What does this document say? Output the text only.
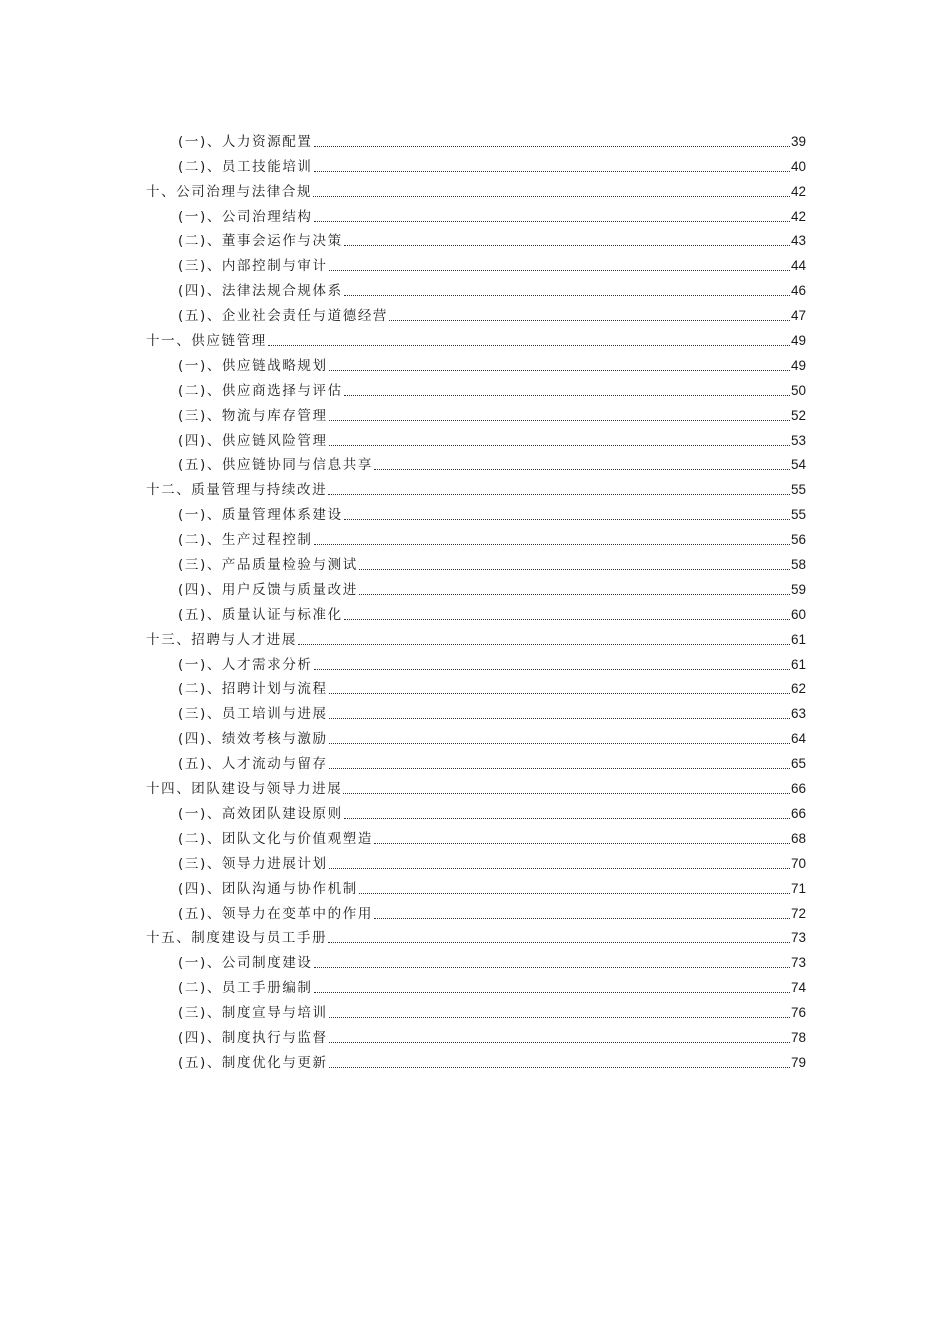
(一)、人力资源配置	39
(二)、员工技能培训	40
十、公司治理与法律合规	42
(一)、公司治理结构	42
(二)、董事会运作与决策	43
(三)、内部控制与审计	44
(四)、法律法规合规体系	46
(五)、企业社会责任与道德经营	47
十一、供应链管理	49
(一)、供应链战略规划	49
(二)、供应商选择与评估	50
(三)、物流与库存管理	52
(四)、供应链风险管理	53
(五)、供应链协同与信息共享	54
十二、质量管理与持续改进	55
(一)、质量管理体系建设	55
(二)、生产过程控制	56
(三)、产品质量检验与测试	58
(四)、用户反馈与质量改进	59
(五)、质量认证与标准化	60
十三、招聘与人才进展	61
(一)、人才需求分析	61
(二)、招聘计划与流程	62
(三)、员工培训与进展	63
(四)、绩效考核与激励	64
(五)、人才流动与留存	65
十四、团队建设与领导力进展	66
(一)、高效团队建设原则	66
(二)、团队文化与价值观塑造	68
(三)、领导力进展计划	70
(四)、团队沟通与协作机制	71
(五)、领导力在变革中的作用	72
十五、制度建设与员工手册	73
(一)、公司制度建设	73
(二)、员工手册编制	74
(三)、制度宣导与培训	76
(四)、制度执行与监督	78
(五)、制度优化与更新	79
